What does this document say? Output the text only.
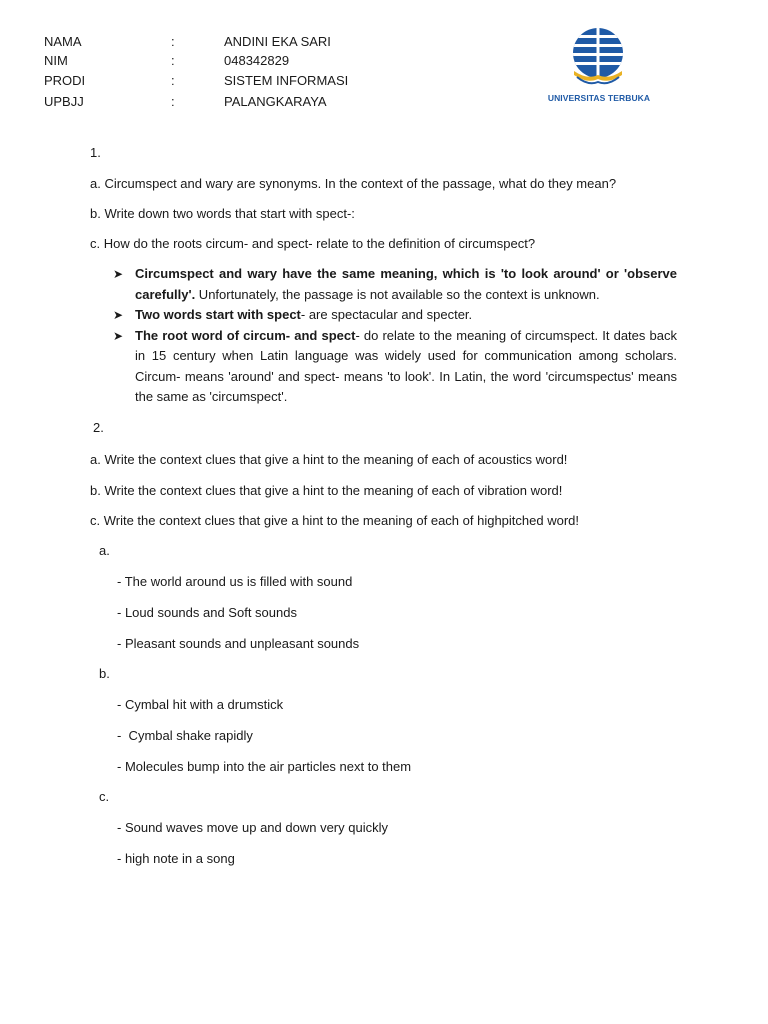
NAMA	:	ANDINI EKA SARI
NIM	:	048342829
PRODI	:	SISTEM INFORMASI
UPBJJ	:	PALANGKARAYA	UNIVERSITAS TERBUKA
1.
a. Circumspect and wary are synonyms. In the context of the passage, what do they mean?
b. Write down two words that start with spect-:
c. How do the roots circum- and spect- relate to the definition of circumspect?
➤ Circumspect and wary have the same meaning, which is 'to look around' or 'observe carefully'. Unfortunately, the passage is not available so the context is unknown.
➤ Two words start with spect- are spectacular and specter.
➤ The root word of circum- and spect- do relate to the meaning of circumspect. It dates back in 15 century when Latin language was widely used for communication among scholars. Circum- means 'around' and spect- means 'to look'. In Latin, the word 'circumspectus' means the same as 'circumspect'.
2.
a. Write the context clues that give a hint to the meaning of each of acoustics word!
b. Write the context clues that give a hint to the meaning of each of vibration word!
c. Write the context clues that give a hint to the meaning of each of highpitched word!
a.
- The world around us is filled with sound
- Loud sounds and Soft sounds
- Pleasant sounds and unpleasant sounds
b.
- Cymbal hit with a drumstick
-  Cymbal shake rapidly
- Molecules bump into the air particles next to them
c.
- Sound waves move up and down very quickly
- high note in a song
